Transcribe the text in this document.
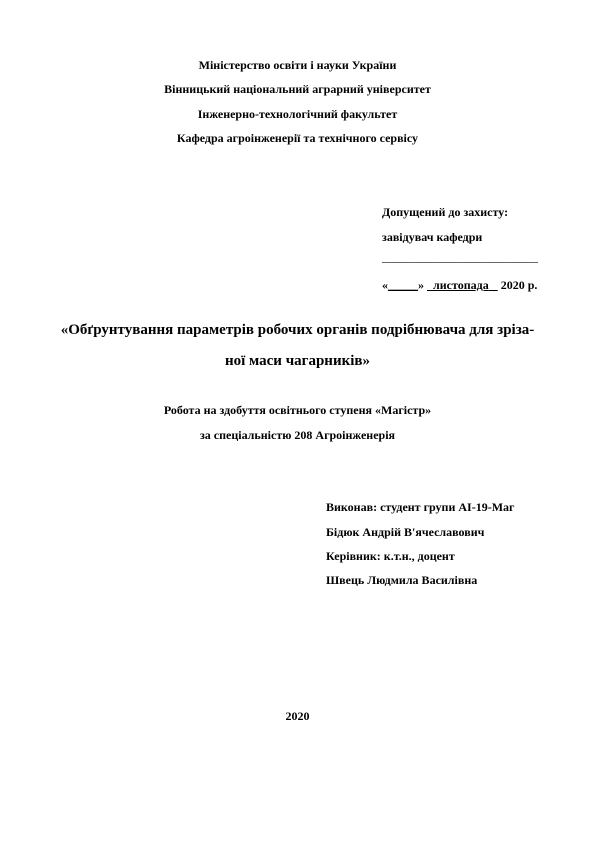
Міністерство освіти і науки України
Вінницький національний аграрний університет
Інженерно-технологічний факультет
Кафедра агроінженерії та технічного сервісу
Допущений до захисту:
завідувач кафедри
__________________________
«_____» листопада 2020 р.
«Обґрунтування параметрів робочих органів подрібнювача для зріза-
ної маси чагарників»
Робота на здобуття освітнього ступеня «Магістр»
за спеціальністю 208 Агроінженерія
Виконав: студент групи АІ-19-Маг
Бідюк Андрій В'ячеславович
Керівник: к.т.н., доцент
Швець Людмила Василівна
2020
